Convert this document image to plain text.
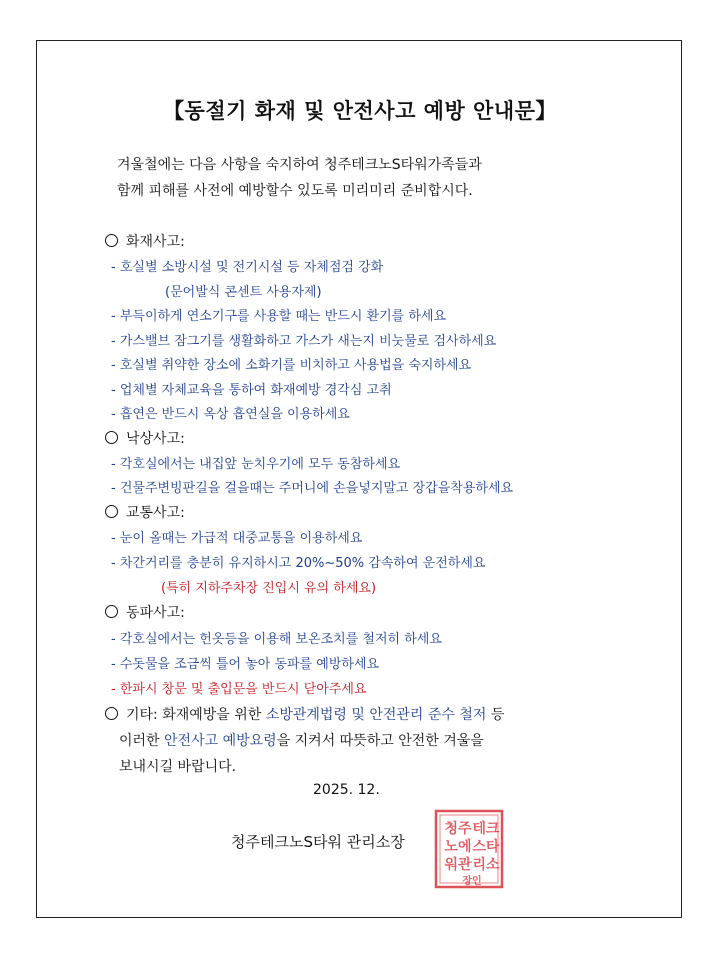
【동절기 화재 및 안전사고 예방 안내문】
겨울철에는 다음 사항을 숙지하여 청주테크노S타워가족들과
함께 피해를 사전에 예방할수 있도록 미리미리 준비합시다.
화재사고:
- 호실별 소방시설 및 전기시설 등 자체점검 강화
(문어발식 콘센트 사용자제)
- 부득이하게 연소기구를 사용할 때는 반드시 환기를 하세요
- 가스밸브 잠그기를 생활화하고 가스가 새는지 비눗물로 검사하세요
- 호실별 취약한 장소에 소화기를 비치하고 사용법을 숙지하세요
- 업체별 자체교육을 통하여 화재예방 경각심 고취
- 흡연은 반드시 옥상 흡연실을 이용하세요
낙상사고:
- 각호실에서는 내집앞 눈치우기에 모두 동참하세요
- 건물주변빙판길을 걸을때는 주머니에 손을넣지말고 장갑을착용하세요
교통사고:
- 눈이 올때는 가급적 대중교통을 이용하세요
- 차간거리를 충분히 유지하시고 20%~50% 감속하여 운전하세요
(특히 지하주차장 진입시 유의 하세요)
동파사고:
- 각호실에서는 헌옷등을 이용해 보온조치를 철저히 하세요
- 수돗물을 조금씩 틀어 놓아 동파를 예방하세요
- 한파시 창문 및 출입문을 반드시 닫아주세요
기타: 화재예방을 위한 소방관계법령 및 안전관리 준수 철저 등
이러한 안전사고 예방요령을 지켜서 따뜻하고 안전한 겨울을
보내시길 바랍니다.
2025. 12.
청주테크노S타워 관리소장
청주 테크
노에 스타
워관 리소
장인
